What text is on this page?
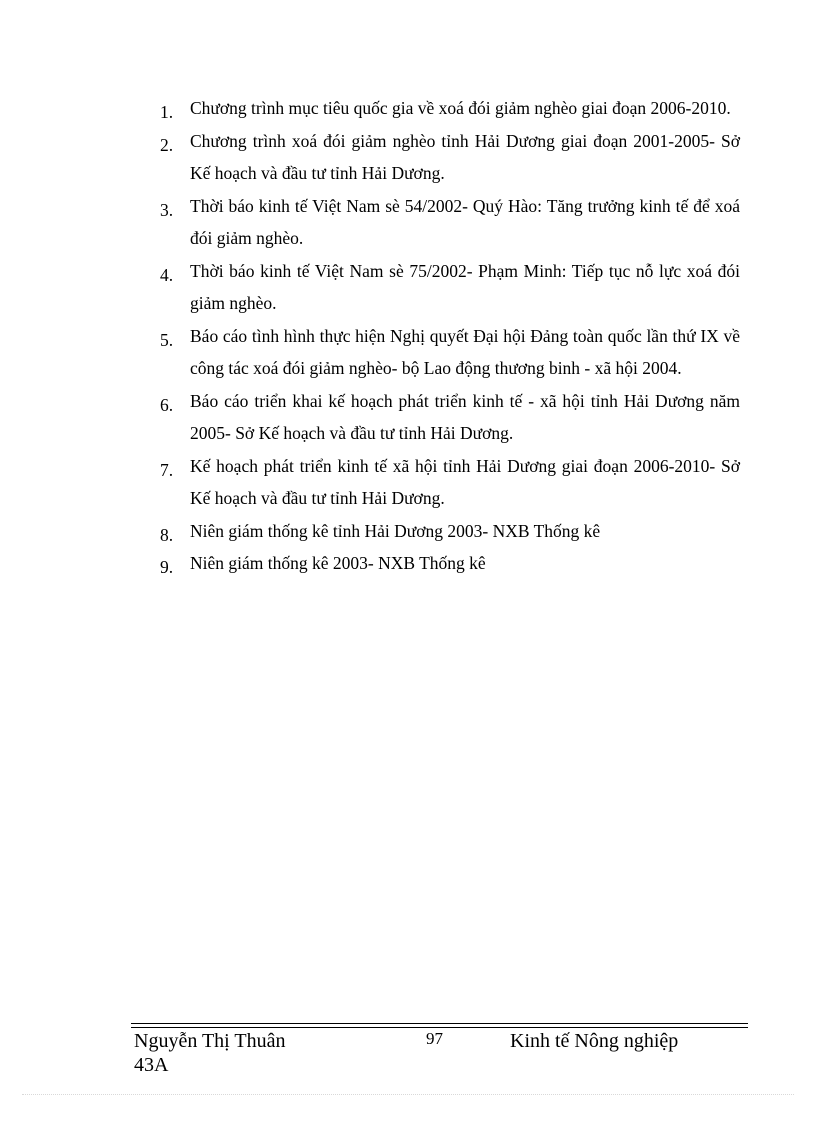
1. Chương trình mục tiêu quốc gia về xoá đói giảm nghèo giai đoạn 2006-2010.
2. Chương trình xoá đói giảm nghèo tỉnh Hải Dương giai đoạn 2001-2005- Sở Kế hoạch và đầu tư tỉnh Hải Dương.
3. Thời báo kinh tế Việt Nam sè 54/2002- Quý Hào: Tăng trưởng kinh tế để xoá đói giảm nghèo.
4. Thời báo kinh tế Việt Nam sè 75/2002- Phạm Minh: Tiếp tục nỗ lực xoá đói giảm nghèo.
5. Báo cáo tình hình thực hiện Nghị quyết Đại hội Đảng toàn quốc lần thứ IX về công tác xoá đói giảm nghèo- bộ Lao động thương binh - xã hội 2004.
6. Báo cáo triển khai kế hoạch phát triển kinh tế - xã hội tỉnh Hải Dương năm 2005- Sở Kế hoạch và đầu tư tỉnh Hải Dương.
7. Kế hoạch phát triển kinh tế xã hội tỉnh Hải Dương giai đoạn 2006-2010- Sở Kế hoạch và đầu tư tỉnh Hải Dương.
8. Niên giám thống kê tỉnh Hải Dương 2003- NXB Thống kê
9. Niên giám thống kê 2003- NXB Thống kê
Nguyễn Thị Thuân
43A
97	Kinh tế Nông nghiệp
